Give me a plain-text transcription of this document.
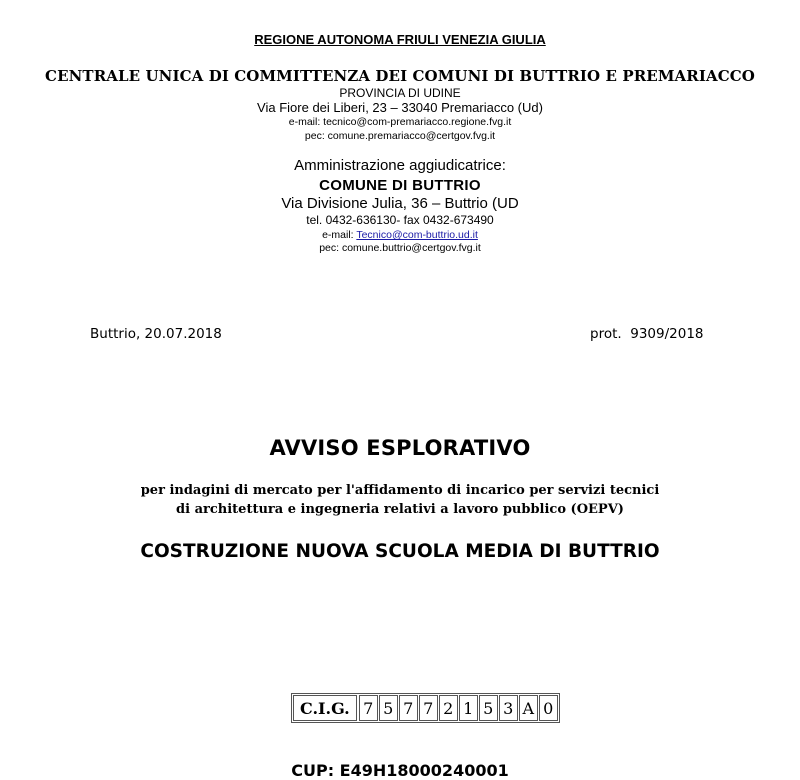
REGIONE AUTONOMA FRIULI VENEZIA GIULIA
CENTRALE UNICA DI COMMITTENZA DEI COMUNI DI BUTTRIO E PREMARIACCO
PROVINCIA DI UDINE
Via Fiore dei Liberi, 23 – 33040 Premariacco (Ud)
e-mail: tecnico@com-premariacco.regione.fvg.it
pec: comune.premariacco@certgov.fvg.it
Amministrazione aggiudicatrice:
COMUNE DI BUTTRIO
Via Divisione Julia, 36 – Buttrio (UD
tel. 0432-636130- fax 0432-673490
e-mail: Tecnico@com-buttrio.ud.it
pec: comune.buttrio@certgov.fvg.it
Buttrio, 20.07.2018	prot.  9309/2018
AVVISO ESPLORATIVO
per indagini di mercato per l'affidamento di incarico per servizi tecnici
di architettura e ingegneria relativi a lavoro pubblico (OEPV)
COSTRUZIONE NUOVA SCUOLA MEDIA DI BUTTRIO
C.I.G. 7 5 7 7 2 1 5 3 A 0
CUP: E49H18000240001
